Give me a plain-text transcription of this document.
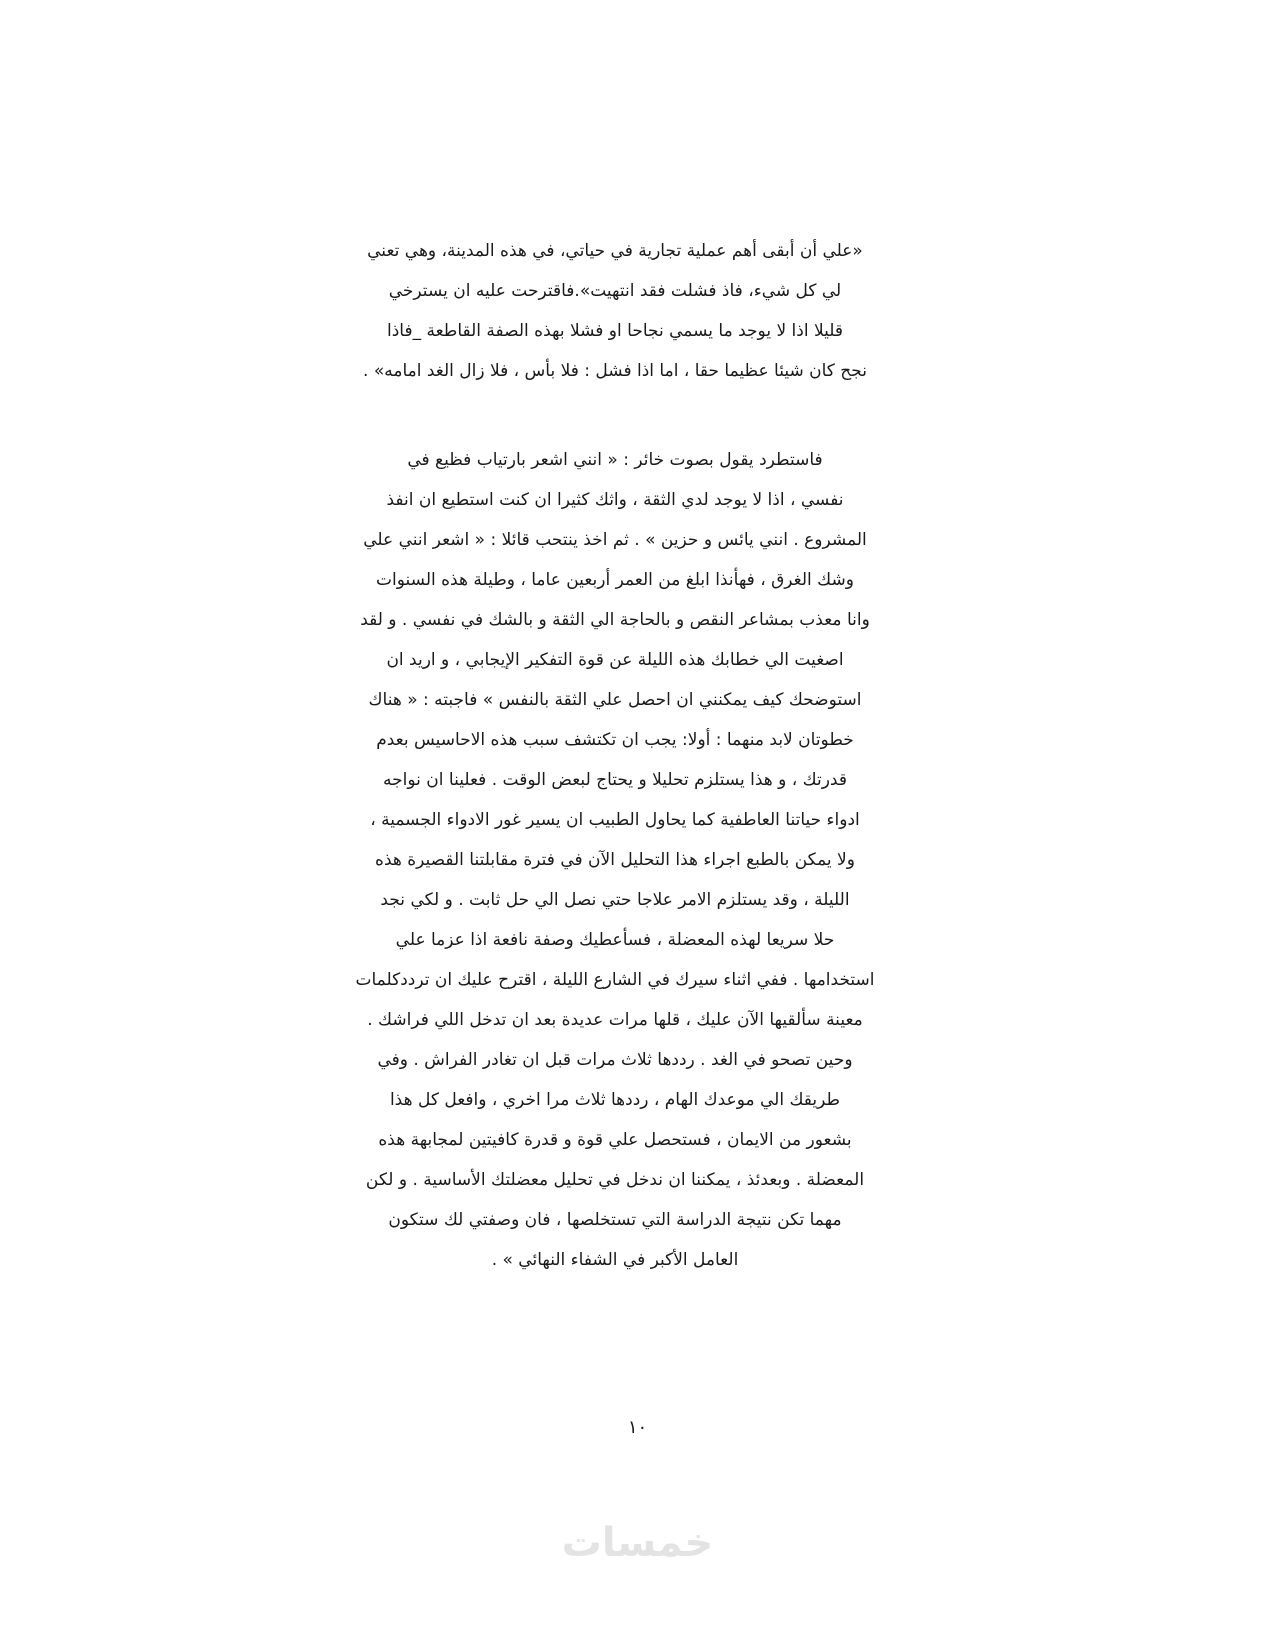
«علي أن أبقى أهم عملية تجارية في حياتي، في هذه المدينة، وهي تعني
لي كل شيء، فاذ فشلت فقد انتهيت».فاقترحت عليه ان يسترخي
قليلا اذا لا يوجد ما يسمي نجاحا او فشلا بهذه الصفة القاطعة _فاذا
نجح كان شيئا عظيما حقا ، اما اذا فشل : فلا بأس ، فلا زال الغد امامه» .
فاستطرد يقول بصوت خائر : « انني اشعر بارتياب فظيع في
نفسي ، اذا لا يوجد لدي الثقة ، واثك كثيرا ان كنت استطيع ان انفذ
المشروع . انني يائس و حزين » . ثم اخذ ينتحب قائلا : « اشعر انني علي
وشك الغرق ، فهأنذا ابلغ من العمر أربعين عاما ، وطيلة هذه السنوات
وانا معذب بمشاعر النقص و بالحاجة الي الثقة و بالشك في نفسي . و لقد
اصغيت الي خطابك هذه الليلة عن قوة التفكير الإيجابي ، و اريد ان
استوضحك كيف يمكنني ان احصل علي الثقة بالنفس » فاجبته : « هناك
خطوتان لابد منهما : أولا: يجب ان تكتشف سبب هذه الاحاسيس بعدم
قدرتك ، و هذا يستلزم تحليلا و يحتاج لبعض الوقت . فعلينا ان نواجه
ادواء حياتنا العاطفية كما يحاول الطبيب ان يسير غور الادواء الجسمية ،
ولا يمكن بالطبع اجراء هذا التحليل الآن في فترة مقابلتنا القصيرة هذه
الليلة ، وقد يستلزم الامر علاجا حتي نصل الي حل ثابت . و لكي نجد
حلا سريعا لهذه المعضلة ، فسأعطيك وصفة نافعة اذا عزما علي
استخدامها . ففي اثناء سيرك في الشارع الليلة ، اقترح عليك ان ترددكلمات
معينة سألقيها الآن عليك ، قلها مرات عديدة بعد ان تدخل اللي فراشك .
وحين تصحو في الغد . رددها ثلاث مرات قبل ان تغادر الفراش . وفي
طريقك الي موعدك الهام ، رددها ثلاث مرا اخري ، وافعل كل هذا
بشعور من الايمان ، فستحصل علي قوة و قدرة كافيتين لمجابهة هذه
المعضلة . وبعدئذ ، يمكننا ان ندخل في تحليل معضلتك الأساسية . و لكن
مهما تكن نتيجة الدراسة التي تستخلصها ، فان وصفتي لك ستكون
العامل الأكبر في الشفاء النهائي » .
١٠
خمسات
